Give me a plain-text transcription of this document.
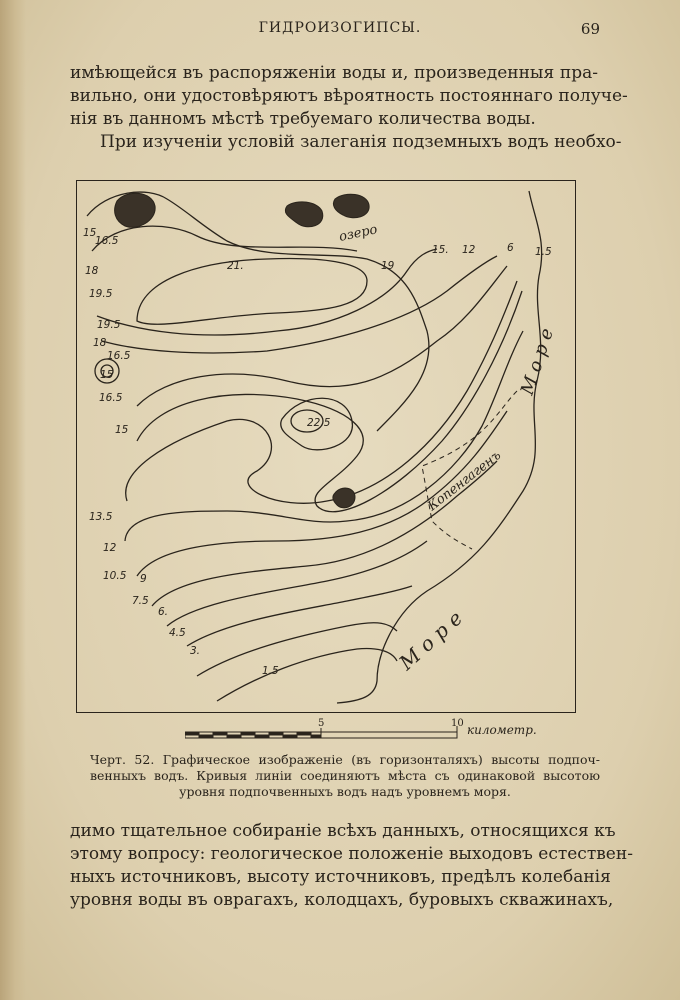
ГИДРОИЗОГИПСЫ.	69
имѣющейся въ распоряженіи воды и, произведенныя пра-
вильно, они удостовѣряютъ вѣроятность постояннаго получе-
нія въ данномъ мѣстѣ требуемаго количества воды.
При изученіи условій залеганія подземныхъ водъ необхо-
озеро
Копенгагенъ
М о р е
М о р е
15
16.5
18
19.5
21.	19
15. 12	6 1.5
19.5
18
16.5
15
16.5
15
22.5
13.5
12
10.5 9
7.5
6.
4.5
3.
1.5
5	10 километр.
Черт. 52. Графическое изображеніе (въ горизонталяхъ) высоты подпоч-
венныхъ водъ. Кривыя линіи соединяютъ мѣста съ одинаковой высотою
уровня подпочвенныхъ водъ надъ уровнемъ моря.
димо тщательное собираніе всѣхъ данныхъ, относящихся къ
этому вопросу: геологическое положеніе выходовъ естествен-
ныхъ источниковъ, высоту источниковъ, предѣлъ колебанія
уровня воды въ оврагахъ, колодцахъ, буровыхъ скважинахъ,
